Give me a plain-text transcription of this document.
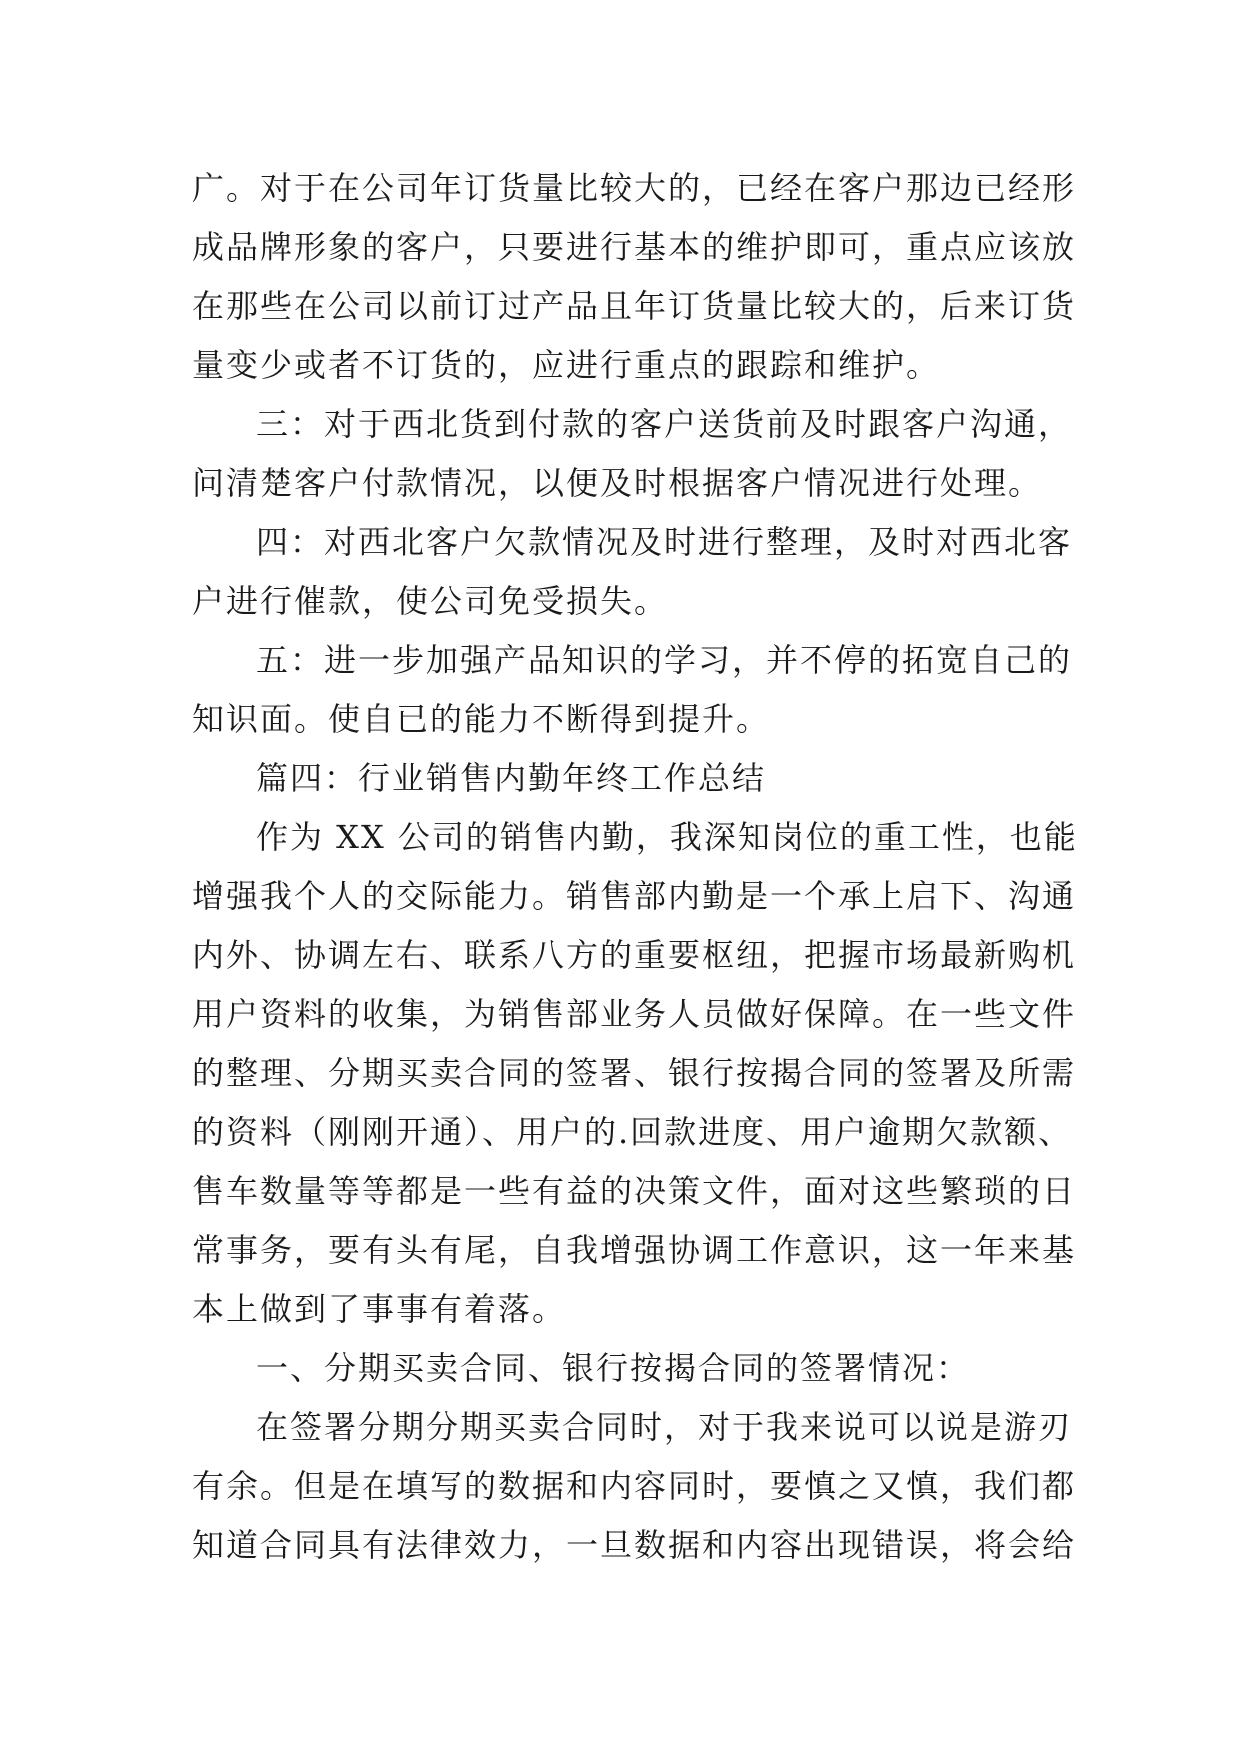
广。对于在公司年订货量比较大的，已经在客户那边已经形
成品牌形象的客户，只要进行基本的维护即可，重点应该放
在那些在公司以前订过产品且年订货量比较大的，后来订货
量变少或者不订货的，应进行重点的跟踪和维护。
三：对于西北货到付款的客户送货前及时跟客户沟通，
问清楚客户付款情况，以便及时根据客户情况进行处理。
四：对西北客户欠款情况及时进行整理，及时对西北客
户进行催款，使公司免受损失。
五：进一步加强产品知识的学习，并不停的拓宽自己的
知识面。使自已的能力不断得到提升。
篇四：行业销售内勤年终工作总结
作为 XX 公司的销售内勤，我深知岗位的重工性，也能
增强我个人的交际能力。销售部内勤是一个承上启下、沟通
内外、协调左右、联系八方的重要枢纽，把握市场最新购机
用户资料的收集，为销售部业务人员做好保障。在一些文件
的整理、分期买卖合同的签署、银行按揭合同的签署及所需
的资料（刚刚开通）、用户的.回款进度、用户逾期欠款额、
售车数量等等都是一些有益的决策文件，面对这些繁琐的日
常事务，要有头有尾，自我增强协调工作意识，这一年来基
本上做到了事事有着落。
一、分期买卖合同、银行按揭合同的签署情况：
在签署分期分期买卖合同时，对于我来说可以说是游刃
有余。但是在填写的数据和内容同时，要慎之又慎，我们都
知道合同具有法律效力，一旦数据和内容出现错误，将会给
